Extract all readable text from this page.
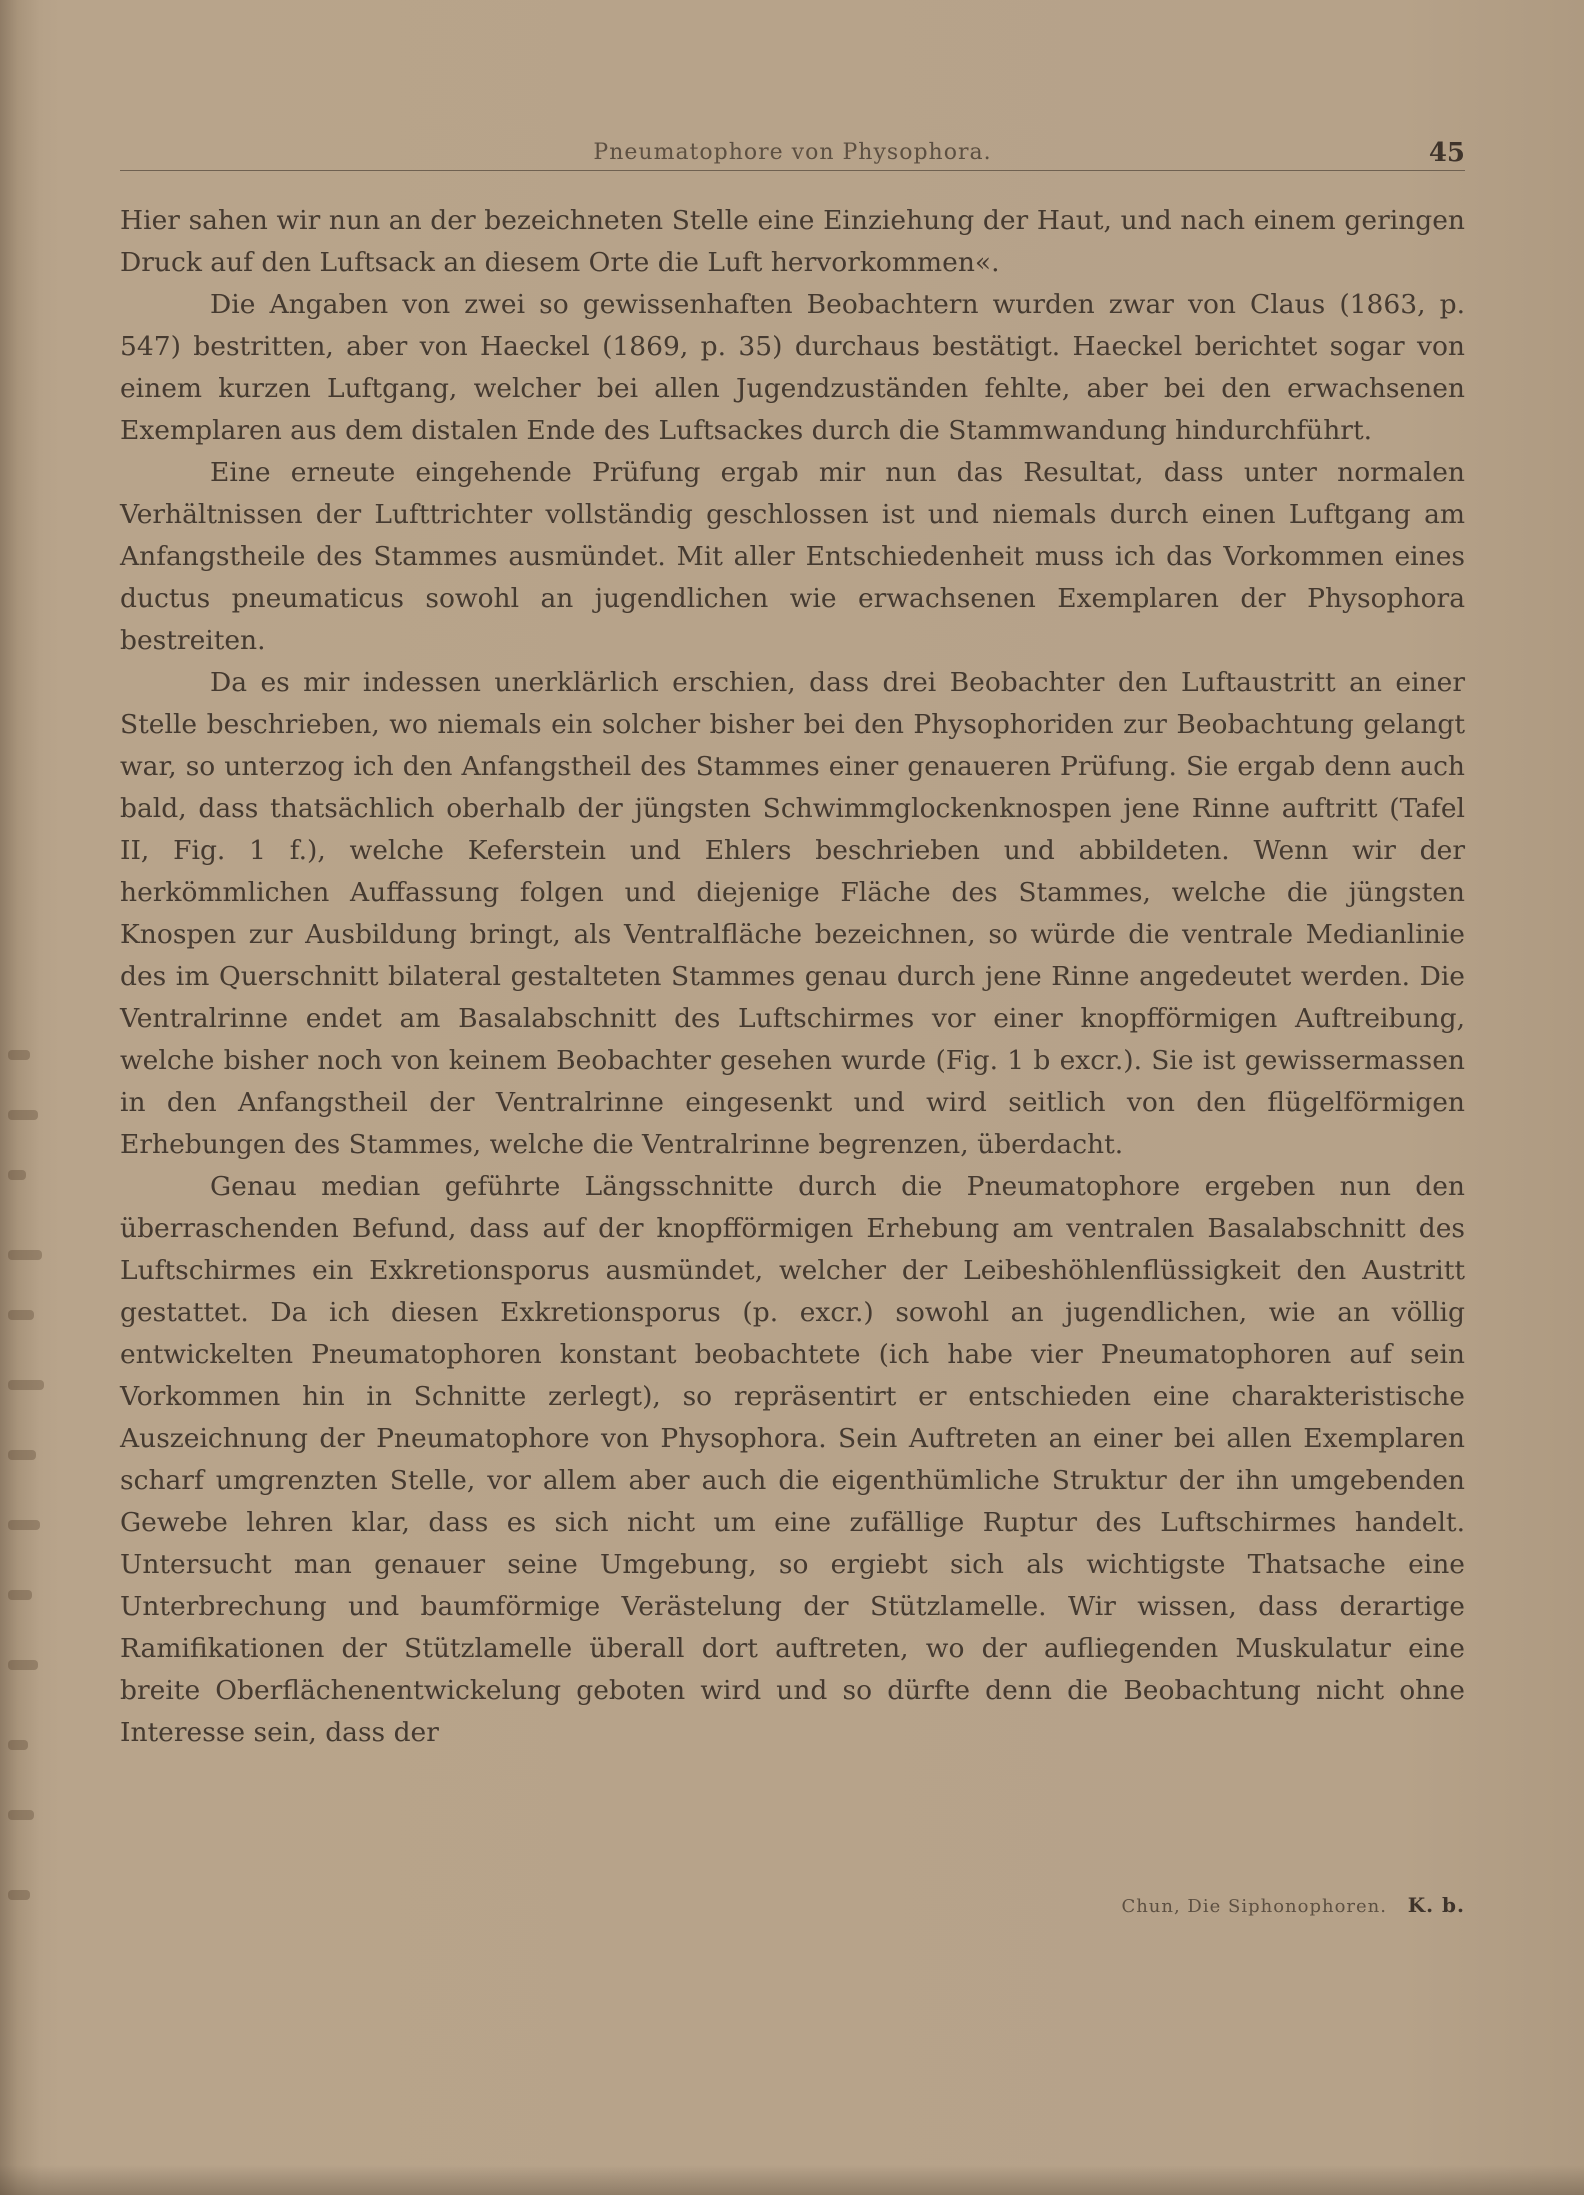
Pneumatophore von Physophora.	45

Hier sahen wir nun an der bezeichneten Stelle eine Einziehung der Haut, und nach einem geringen Druck auf den Luftsack an diesem Orte die Luft hervorkommen«.

Die Angaben von zwei so gewissenhaften Beobachtern wurden zwar von Claus (1863, p. 547) bestritten, aber von Haeckel (1869, p. 35) durchaus bestätigt. Haeckel berichtet sogar von einem kurzen Luftgang, welcher bei allen Jugendzuständen fehlte, aber bei den erwachsenen Exemplaren aus dem distalen Ende des Luftsackes durch die Stammwandung hindurchführt.

Eine erneute eingehende Prüfung ergab mir nun das Resultat, dass unter normalen Verhältnissen der Lufttrichter vollständig geschlossen ist und niemals durch einen Luftgang am Anfangstheile des Stammes ausmündet. Mit aller Entschiedenheit muss ich das Vorkommen eines ductus pneumaticus sowohl an jugendlichen wie erwachsenen Exemplaren der Physophora bestreiten.

Da es mir indessen unerklärlich erschien, dass drei Beobachter den Luftaustritt an einer Stelle beschrieben, wo niemals ein solcher bisher bei den Physophoriden zur Beobachtung gelangt war, so unterzog ich den Anfangstheil des Stammes einer genaueren Prüfung. Sie ergab denn auch bald, dass thatsächlich oberhalb der jüngsten Schwimmglockenknospen jene Rinne auftritt (Tafel II, Fig. 1 f.), welche Keferstein und Ehlers beschrieben und abbildeten. Wenn wir der herkömmlichen Auffassung folgen und diejenige Fläche des Stammes, welche die jüngsten Knospen zur Ausbildung bringt, als Ventralfläche bezeichnen, so würde die ventrale Medianlinie des im Querschnitt bilateral gestalteten Stammes genau durch jene Rinne angedeutet werden. Die Ventralrinne endet am Basalabschnitt des Luftschirmes vor einer knopfförmigen Auftreibung, welche bisher noch von keinem Beobachter gesehen wurde (Fig. 1 b excr.). Sie ist gewissermassen in den Anfangstheil der Ventralrinne eingesenkt und wird seitlich von den flügelförmigen Erhebungen des Stammes, welche die Ventralrinne begrenzen, überdacht.

Genau median geführte Längsschnitte durch die Pneumatophore ergeben nun den überraschenden Befund, dass auf der knopfförmigen Erhebung am ventralen Basalabschnitt des Luftschirmes ein Exkretionsporus ausmündet, welcher der Leibeshöhlenflüssigkeit den Austritt gestattet. Da ich diesen Exkretionsporus (p. excr.) sowohl an jugendlichen, wie an völlig entwickelten Pneumatophoren konstant beobachtete (ich habe vier Pneumatophoren auf sein Vorkommen hin in Schnitte zerlegt), so repräsentirt er entschieden eine charakteristische Auszeichnung der Pneumatophore von Physophora. Sein Auftreten an einer bei allen Exemplaren scharf umgrenzten Stelle, vor allem aber auch die eigenthümliche Struktur der ihn umgebenden Gewebe lehren klar, dass es sich nicht um eine zufällige Ruptur des Luftschirmes handelt. Untersucht man genauer seine Umgebung, so ergiebt sich als wichtigste Thatsache eine Unterbrechung und baumförmige Verästelung der Stützlamelle. Wir wissen, dass derartige Ramifikationen der Stützlamelle überall dort auftreten, wo der aufliegenden Muskulatur eine breite Oberflächenentwickelung geboten wird und so dürfte denn die Beobachtung nicht ohne Interesse sein, dass der

Chun, Die Siphonophoren. K. b.
